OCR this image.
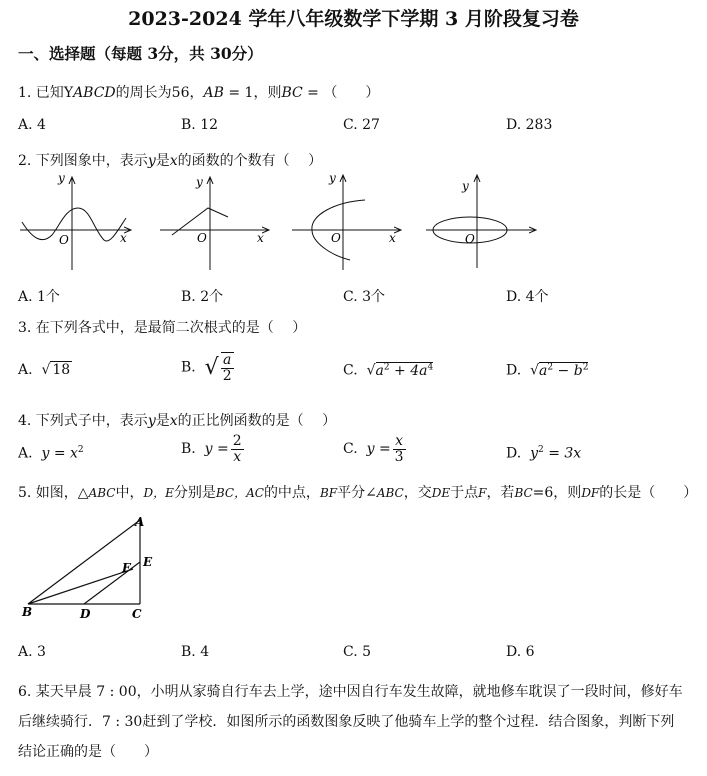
2023-2024 学年八年级数学下学期 3 月阶段复习卷
一、选择题（每题 3分，共 30分）
1. 已知YABCD的周长为56，AB = 1，则BC = （　　）
A. 4	B. 12	C. 27	D. 283
2. 下列图象中，表示y是x的函数的个数有（　 ）
y
O	x
y
O	x
y
O	x
y
O
A. 1个	B. 2个	C. 3个	D. 4个
3. 在下列各式中，是最简二次根式的是（　 ）
A. √ 18	B. √ $\frac{a}{2}$	C. $√a^2 + 4a^4$	D. $√a^2 - b^2$
4. 下列式子中，表示y是x的正比例函数的是（　 ）
A. $y = x^2$	B. $y = \frac{2}{x}$	C. $y = \frac{x}{3}$	D. $y^2 = 3x$
5. 如图，△ABC中，D，E分别是BC，AC的中点，BF平分∠ABC，交DE于点F，若BC=6，则DF的长是（　　）
A
B	C
D
E
F
A. 3	B. 4	C. 5	D. 6
6. 某天早晨 7 : 00，小明从家骑自行车去上学，途中因自行车发生故障，就地修车耽误了一段时间，修好车
后继续骑行．7 : 30赶到了学校．如图所示的函数图象反映了他骑车上学的整个过程．结合图象，判断下列
结论正确的是（　　）
